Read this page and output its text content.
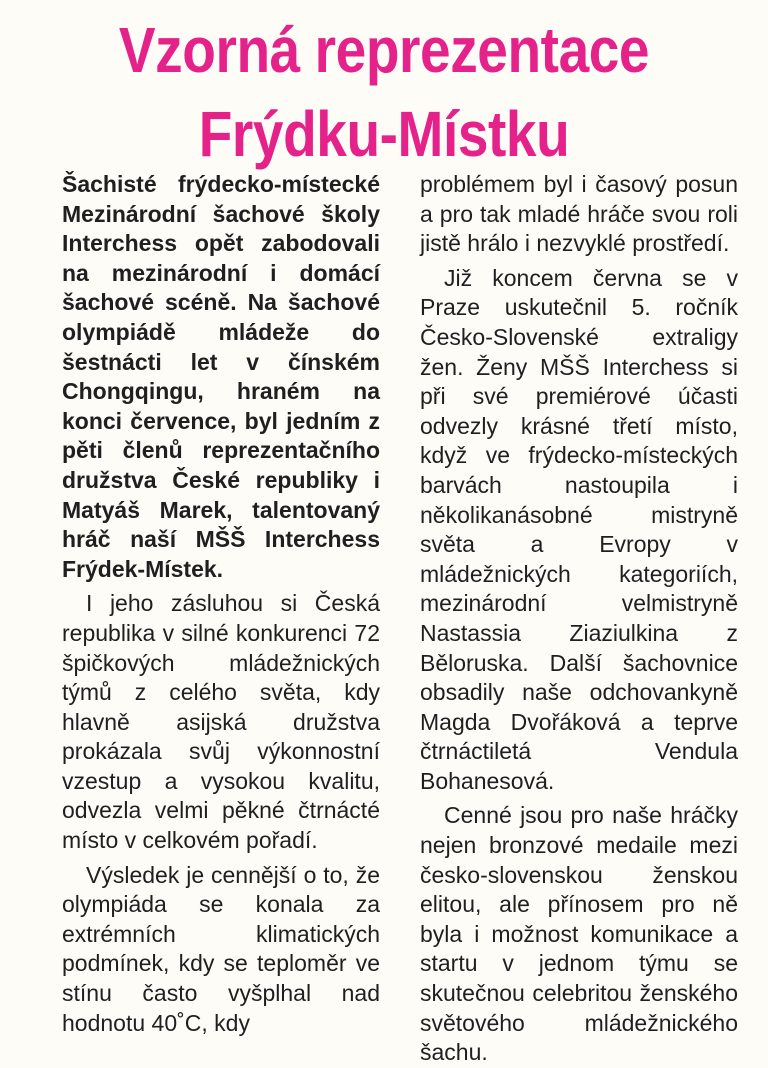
Vzorná reprezentace
Frýdku-Místku

Šachisté frýdecko-místecké Mezinárodní šachové školy Interchess opět zabodovali na mezinárodní i domácí šachové scéně. Na šachové olympiádě mládeže do šestnácti let v čínském Chongqingu, hraném na konci července, byl jedním z pěti členů reprezentačního družstva České republiky i Matyáš Marek, talentovaný hráč naší MŠŠ Interchess Frýdek-Místek.

I jeho zásluhou si Česká republika v silné konkurenci 72 špičkových mládežnických týmů z celého světa, kdy hlavně asijská družstva prokázala svůj výkonnostní vzestup a vysokou kvalitu, odvezla velmi pěkné čtrnácté místo v celkovém pořadí.

Výsledek je cennější o to, že olympiáda se konala za extrémních klimatických podmínek, kdy se teploměr ve stínu často vyšplhal nad hodnotu 40˚C, kdy

problémem byl i časový posun a pro tak mladé hráče svou roli jistě hrálo i nezvyklé prostředí.

Již koncem června se v Praze uskutečnil 5. ročník Česko-Slovenské extraligy žen. Ženy MŠŠ Interchess si při své premiérové účasti odvezly krásné třetí místo, když ve frýdecko-místeckých barvách nastoupila i několikanásobné mistryně světa a Evropy v mládežnických kategoriích, mezinárodní velmistryně Nastassia Ziaziulkina z Běloruska. Další šachovnice obsadily naše odchovankyně Magda Dvořáková a teprve čtrnáctiletá Vendula Bohanesová.

Cenné jsou pro naše hráčky nejen bronzové medaile mezi česko-slovenskou ženskou elitou, ale přínosem pro ně byla i možnost komunikace a startu v jednom týmu se skutečnou celebritou ženského světového mládežnického šachu.
